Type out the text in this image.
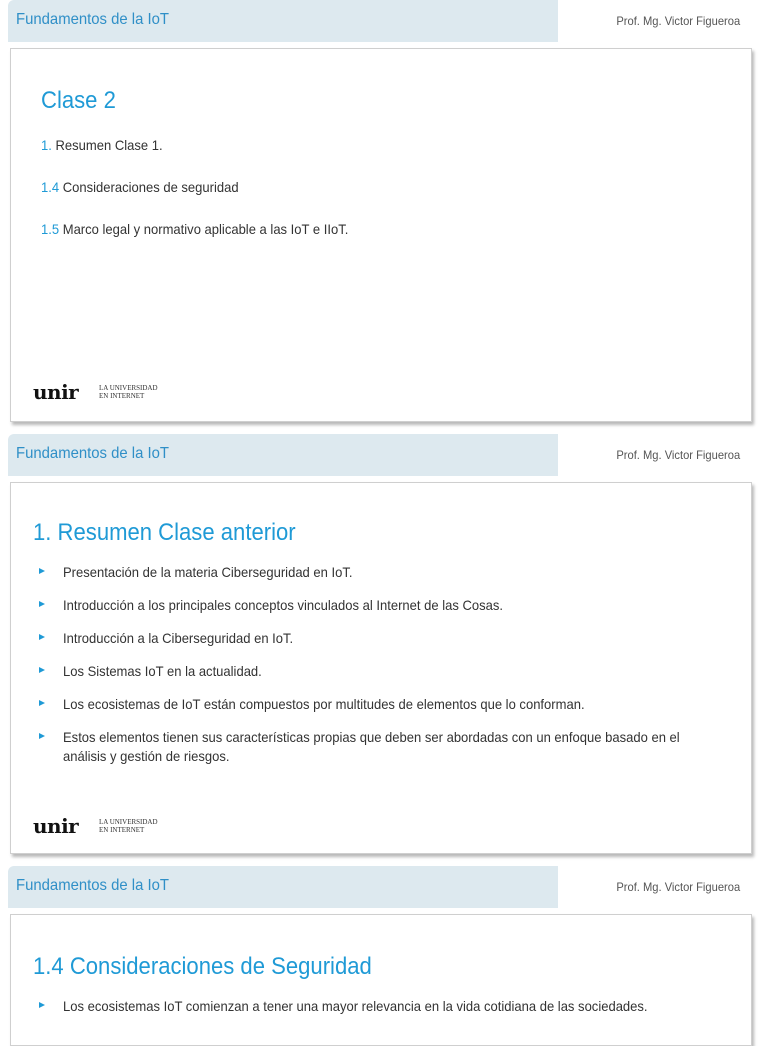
Fundamentos de la IoT	Prof. Mg. Victor Figueroa
Clase 2
1. Resumen Clase 1.
1.4 Consideraciones de seguridad
1.5 Marco legal y normativo aplicable a las IoT e IIoT.
unir	LA UNIVERSIDAD
EN INTERNET
Fundamentos de la IoT	Prof. Mg. Victor Figueroa
1. Resumen Clase anterior
Presentación de la materia Ciberseguridad en IoT.
Introducción a los principales conceptos vinculados al Internet de las Cosas.
Introducción a la Ciberseguridad en IoT.
Los Sistemas IoT en la actualidad.
Los ecosistemas de IoT están compuestos por multitudes de elementos que lo conforman.
Estos elementos tienen sus características propias que deben ser abordadas con un enfoque basado en el análisis y gestión de riesgos.
unir	LA UNIVERSIDAD
EN INTERNET
Fundamentos de la IoT	Prof. Mg. Victor Figueroa
1.4 Consideraciones de Seguridad
Los ecosistemas IoT comienzan a tener una mayor relevancia en la vida cotidiana de las sociedades.
